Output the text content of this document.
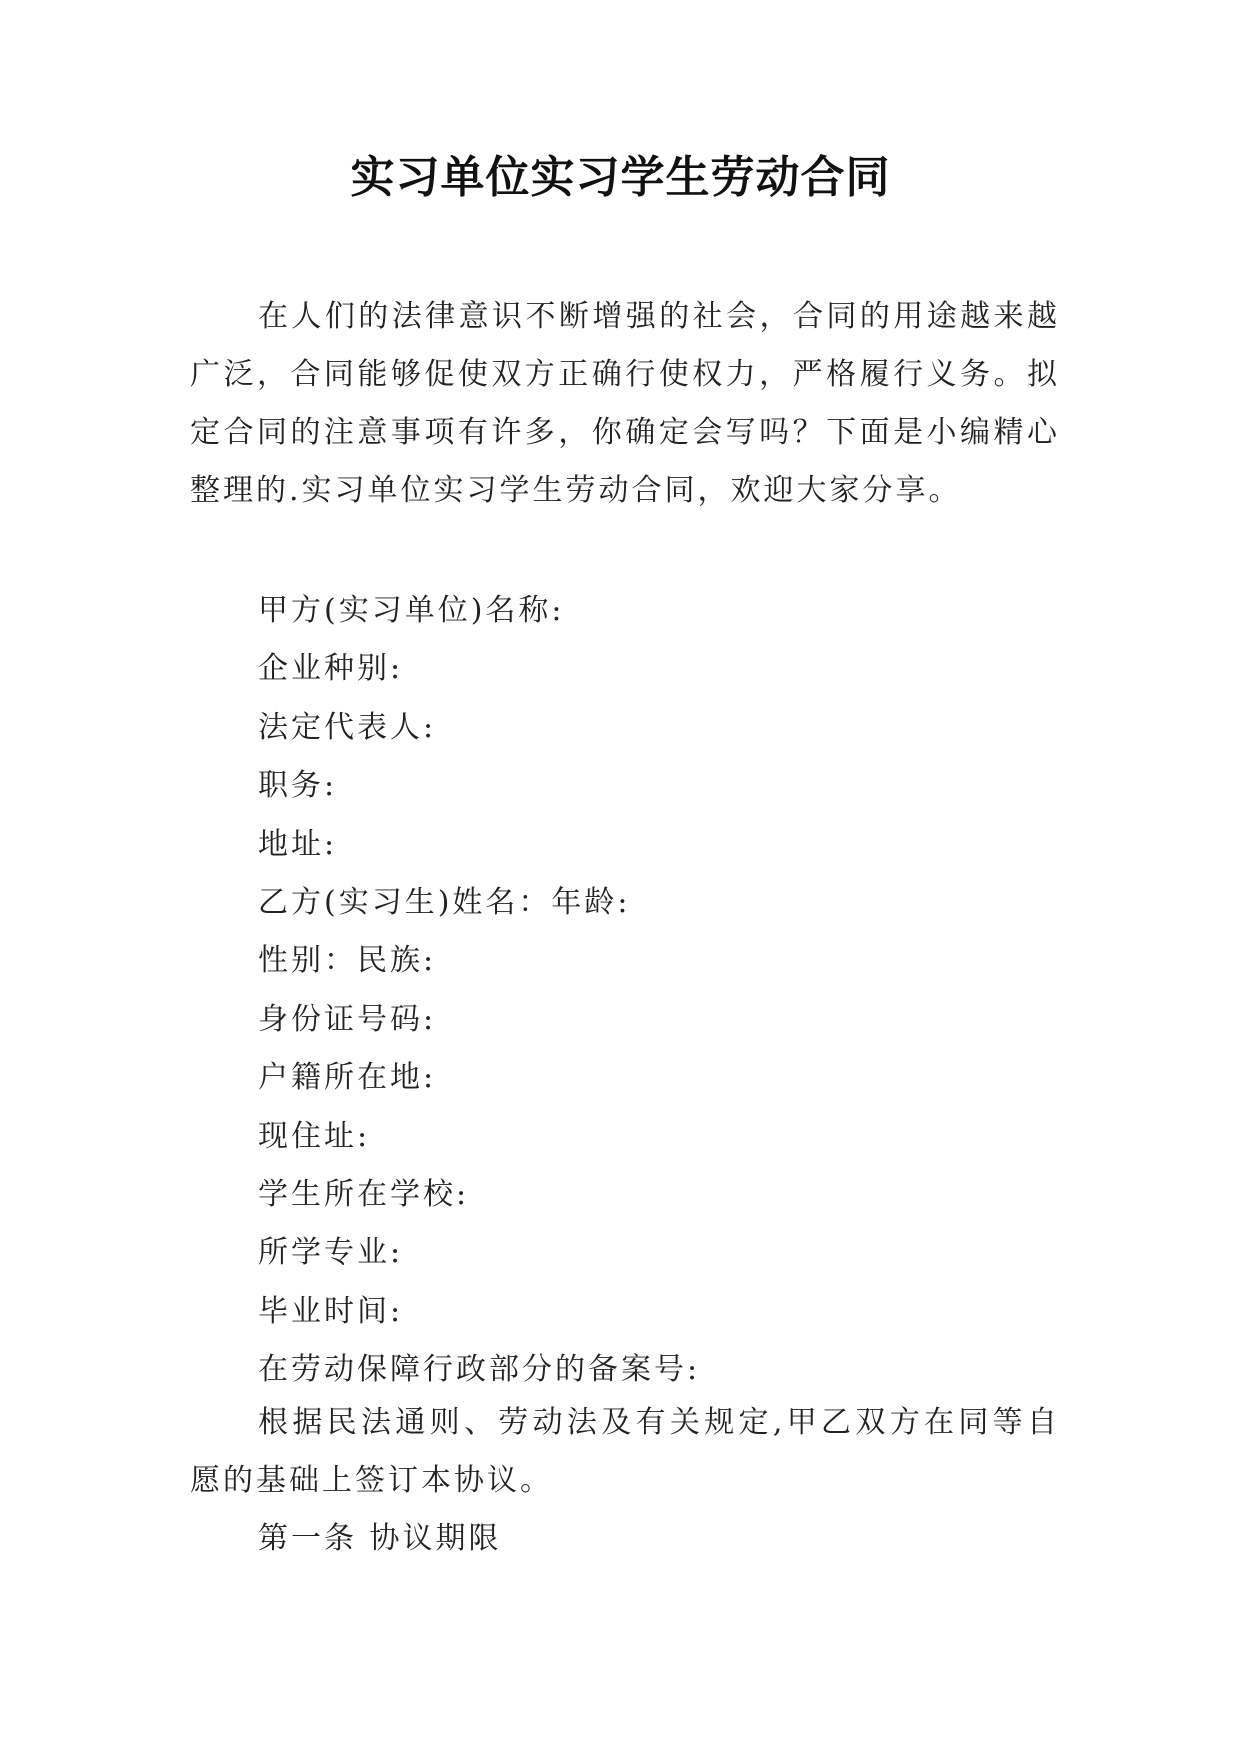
实习单位实习学生劳动合同

在人们的法律意识不断增强的社会，合同的用途越来越广泛，合同能够促使双方正确行使权力，严格履行义务。拟定合同的注意事项有许多，你确定会写吗？下面是小编精心整理的.实习单位实习学生劳动合同，欢迎大家分享。

甲方(实习单位)名称:
企业种别:
法定代表人:
职务:
地址:
乙方(实习生)姓名：年龄:
性别：民族:
身份证号码:
户籍所在地:
现住址:
学生所在学校:
所学专业:
毕业时间:
在劳动保障行政部分的备案号:

根据民法通则、劳动法及有关规定,甲乙双方在同等自愿的基础上签订本协议。

第一条 协议期限
